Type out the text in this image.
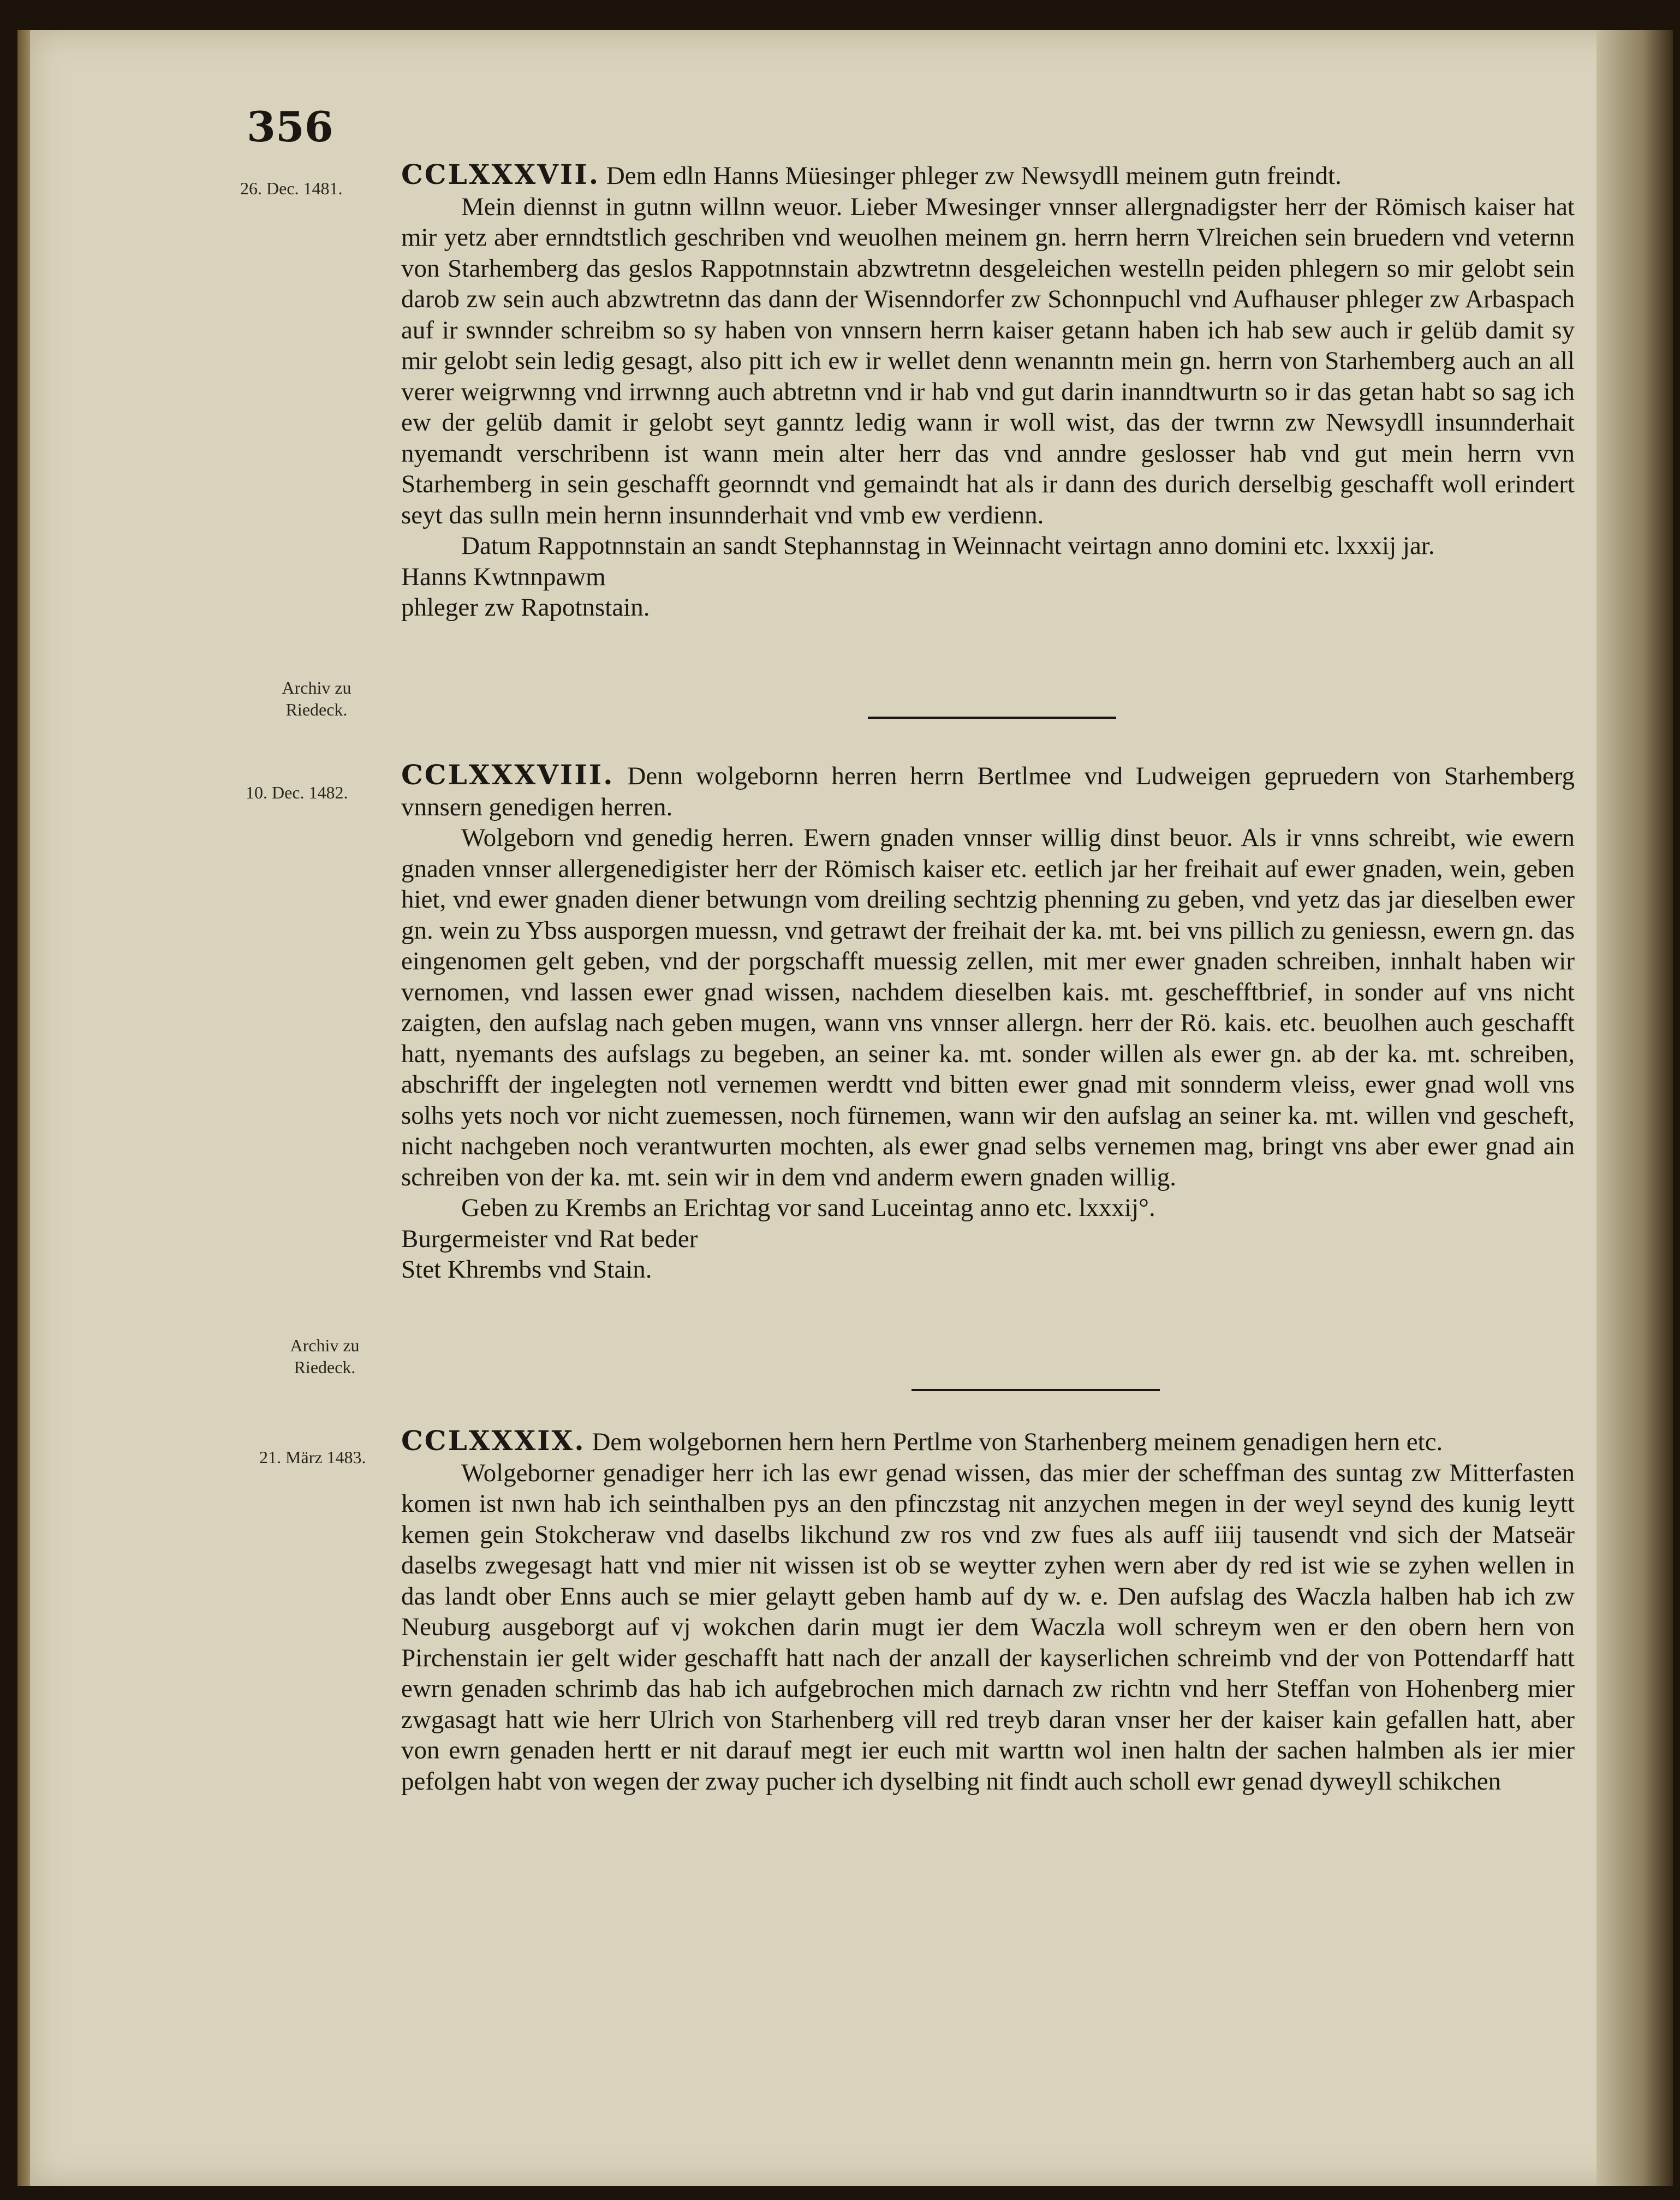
356
26. Dec. 1481.	CCLXXXVII. Dem edln Hanns Müesinger phleger zw Newsydll meinem gutn freindt.

Mein diennst in gutnn willnn weuor. Lieber Mwesinger vnnser allergnadigster herr der Römisch kaiser hat mir yetz aber ernndtstlich geschriben vnd weuolhen meinem gn. herrn herrn Vlreichen sein bruedern vnd veternn von Starhemberg das geslos Rappotnnstain abzwtretnn desgeleichen westelln peiden phlegern so mir gelobt sein darob zw sein auch abzwtretnn das dann der Wisenndorfer zw Schonnpuchl vnd Aufhauser phleger zw Arbaspach auf ir swnnder schreibm so sy haben von vnnsern herrn kaiser getann haben ich hab sew auch ir gelüb damit sy mir gelobt sein ledig gesagt, also pitt ich ew ir wellet denn wenanntn mein gn. herrn von Starhemberg auch an all verer weigrwnng vnd irrwnng auch abtretnn vnd ir hab vnd gut darin inanndtwurtn so ir das getan habt so sag ich ew der gelüb damit ir gelobt seyt ganntz ledig wann ir woll wist, das der twrnn zw Newsydll insunnderhait nyemandt verschribenn ist wann mein alter herr das vnd anndre geslosser hab vnd gut mein herrn vvn Starhemberg in sein geschafft geornndt vnd gemaindt hat als ir dann des durich derselbig geschafft woll erindert seyt das sulln mein hernn insunnderhait vnd vmb ew verdienn.

Datum Rappotnnstain an sandt Stephannstag in Weinnacht veirtagn anno domini etc. lxxxij jar.

Hanns Kwtnnpawm

phleger zw Rapotnstain.

Archiv zu
Riedeck.
10. Dec. 1482.

CCLXXXVIII. Denn wolgebornn herren herrn Bertlmee vnd Ludweigen gepruedern von Starhemberg vnnsern genedigen herren.

Wolgeborn vnd genedig herren. Ewern gnaden vnnser willig dinst beuor. Als ir vnns schreibt, wie ewern gnaden vnnser allergenedigister herr der Römisch kaiser etc. eetlich jar her freihait auf ewer gnaden, wein, geben hiet, vnd ewer gnaden diener betwungn vom dreiling sechtzig phenning zu geben, vnd yetz das jar dieselben ewer gn. wein zu Ybss ausporgen muessn, vnd getrawt der freihait der ka. mt. bei vns pillich zu geniessn, ewern gn. das eingenomen gelt geben, vnd der porgschafft muessig zellen, mit mer ewer gnaden schreiben, innhalt haben wir vernomen, vnd lassen ewer gnad wissen, nachdem dieselben kais. mt. geschefftbrief, in sonder auf vns nicht zaigten, den aufslag nach geben mugen, wann vns vnnser allergn. herr der Rö. kais. etc. beuolhen auch geschafft hatt, nyemants des aufslags zu begeben, an seiner ka. mt. sonder willen als ewer gn. ab der ka. mt. schreiben, abschrifft der ingelegten notl vernemen werdtt vnd bitten ewer gnad mit sonnderm vleiss, ewer gnad woll vns solhs yets noch vor nicht zuemessen, noch fürnemen, wann wir den aufslag an seiner ka. mt. willen vnd gescheft, nicht nachgeben noch verantwurten mochten, als ewer gnad selbs vernemen mag, bringt vns aber ewer gnad ain schreiben von der ka. mt. sein wir in dem vnd anderm ewern gnaden willig.

Geben zu Krembs an Erichtag vor sand Luceintag anno etc. lxxxij°.

Burgermeister vnd Rat beder

Stet Khrembs vnd Stain.

Archiv zu
Riedeck.
21. März 1483.

CCLXXXIX. Dem wolgebornen hern hern Pertlme von Starhenberg meinem genadigen hern etc.

Wolgeborner genadiger herr ich las ewr genad wissen, das mier der scheffman des suntag zw Mitterfasten komen ist nwn hab ich seinthalben pys an den pfinczstag nit anzychen megen in der weyl seynd des kunig leytt kemen gein Stokcheraw vnd daselbs likchund zw ros vnd zw fues als auff iiij tausendt vnd sich der Matseär daselbs zwegesagt hatt vnd mier nit wissen ist ob se weytter zyhen wern aber dy red ist wie se zyhen wellen in das landt ober Enns auch se mier gelaytt geben hamb auf dy w. e. Den aufslag des Waczla halben hab ich zw Neuburg ausgeborgt auf vj wokchen darin mugt ier dem Waczla woll schreym wen er den obern hern von Pirchenstain ier gelt wider geschafft hatt nach der anzall der kayserlichen schreimb vnd der von Pottendarff hatt ewrn genaden schrimb das hab ich aufgebrochen mich darnach zw richtn vnd herr Steffan von Hohenberg mier zwgasagt hatt wie herr Ulrich von Starhenberg vill red treyb daran vnser her der kaiser kain gefallen hatt, aber von ewrn genaden hertt er nit darauf megt ier euch mit warttn wol inen haltn der sachen halmben als ier mier pefolgen habt von wegen der zway pucher ich dyselbing nit findt auch scholl ewr genad dyweyll schikchen
